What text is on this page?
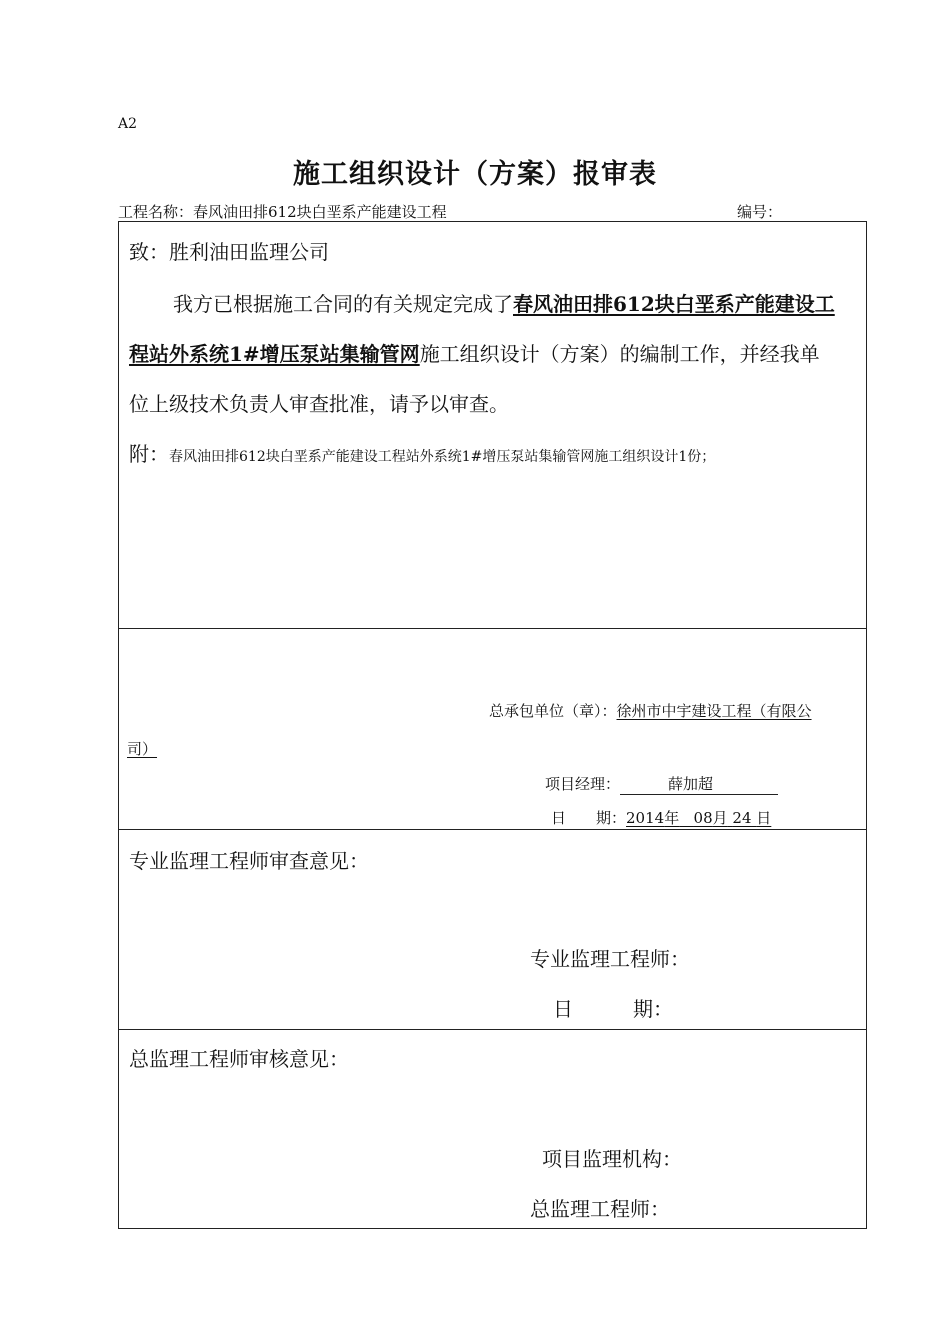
A2
施工组织设计（方案）报审表
工程名称：春风油田排612块白垩系产能建设工程	编号：
致：胜利油田监理公司
我方已根据施工合同的有关规定完成了春风油田排612块白垩系产能建设工
程站外系统1#增压泵站集输管网施工组织设计（方案）的编制工作，并经我单
位上级技术负责人审查批准，请予以审查。
附：春风油田排612块白垩系产能建设工程站外系统1#增压泵站集输管网施工组织设计1份；
总承包单位（章）：徐州市中宇建设工程（有限公
司）
项目经理：	薛加超
日　　期：2014年 08月 24 日
专业监理工程师审查意见：
专业监理工程师：
日　　　期：
总监理工程师审核意见：
项目监理机构：
总监理工程师：
